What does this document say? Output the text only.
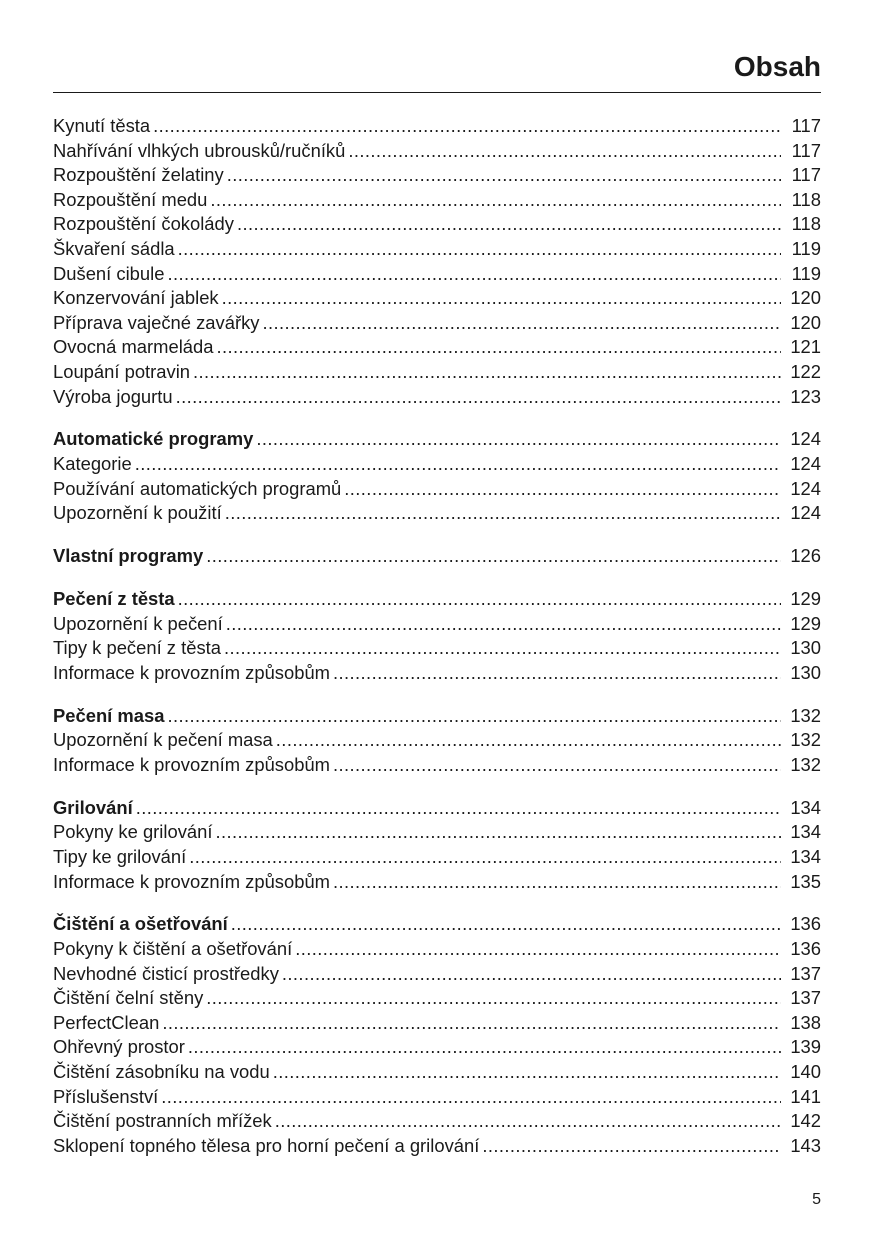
Obsah
Kynutí těsta .....	117
Nahřívání vlhkých ubrousků/ručníků .....	117
Rozpouštění želatiny .....	117
Rozpouštění medu .....	118
Rozpouštění čokolády .....	118
Škvaření sádla .....	119
Dušení cibule .....	119
Konzervování jablek .....	120
Příprava vaječné zavářky .....	120
Ovocná marmeláda .....	121
Loupání potravin .....	122
Výroba jogurtu .....	123
Automatické programy .....	124
Kategorie .....	124
Používání automatických programů .....	124
Upozornění k použití .....	124
Vlastní programy .....	126
Pečení z těsta .....	129
Upozornění k pečení .....	129
Tipy k pečení z těsta .....	130
Informace k provozním způsobům .....	130
Pečení masa .....	132
Upozornění k pečení masa .....	132
Informace k provozním způsobům .....	132
Grilování .....	134
Pokyny ke grilování .....	134
Tipy ke grilování .....	134
Informace k provozním způsobům .....	135
Čištění a ošetřování .....	136
Pokyny k čištění a ošetřování .....	136
Nevhodné čisticí prostředky .....	137
Čištění čelní stěny .....	137
PerfectClean .....	138
Ohřevný prostor .....	139
Čištění zásobníku na vodu .....	140
Příslušenství .....	141
Čištění postranních mřížek .....	142
Sklopení topného tělesa pro horní pečení a grilování .....	143
5
